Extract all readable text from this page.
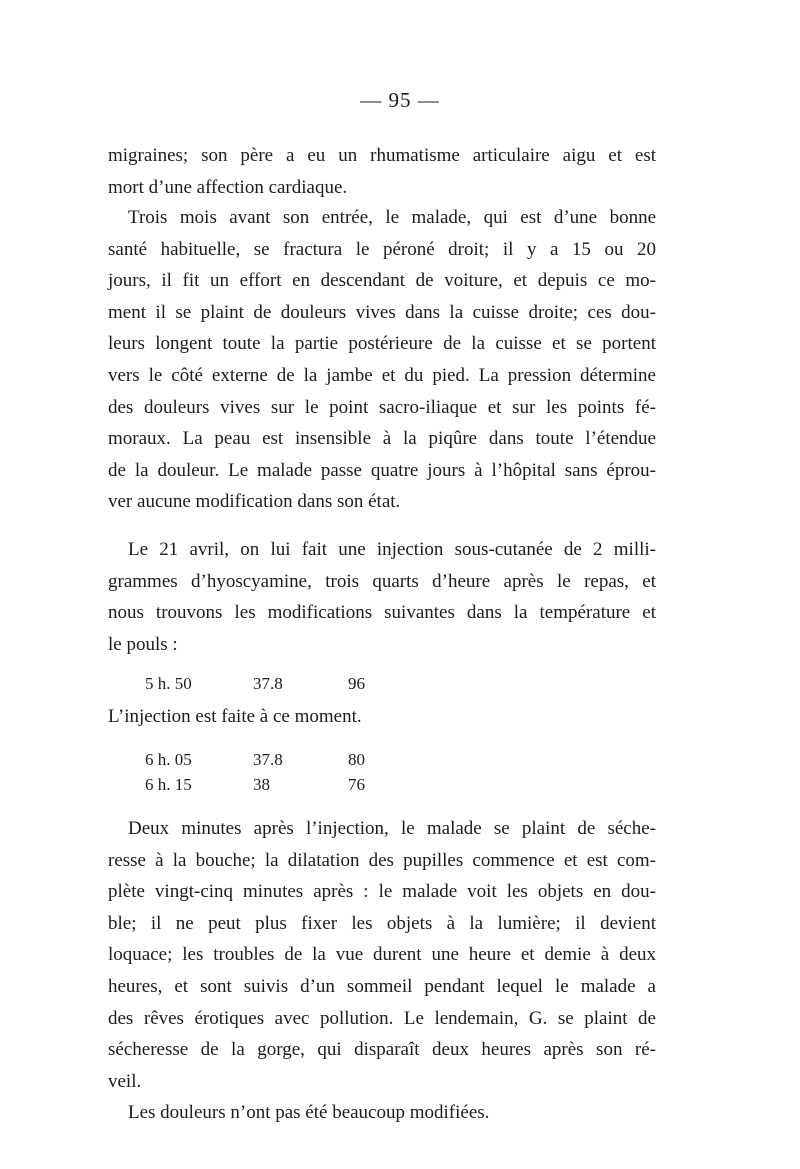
— 95 —
migraines; son père a eu un rhumatisme articulaire aigu et est
mort d’une affection cardiaque.
Trois mois avant son entrée, le malade, qui est d’une bonne
santé habituelle, se fractura le péroné droit; il y a 15 ou 20
jours, il fit un effort en descendant de voiture, et depuis ce mo-
ment il se plaint de douleurs vives dans la cuisse droite; ces dou-
leurs longent toute la partie postérieure de la cuisse et se portent
vers le côté externe de la jambe et du pied. La pression détermine
des douleurs vives sur le point sacro-iliaque et sur les points fé-
moraux. La peau est insensible à la piqûre dans toute l’étendue
de la douleur. Le malade passe quatre jours à l’hôpital sans éprou-
ver aucune modification dans son état.
Le 21 avril, on lui fait une injection sous-cutanée de 2 milli-
grammes d’hyoscyamine, trois quarts d’heure après le repas, et
nous trouvons les modifications suivantes dans la température et
le pouls :
5 h. 50	37.8	96
L’injection est faite à ce moment.
6 h. 05	37.8	80
6 h. 15	38	76
Deux minutes après l’injection, le malade se plaint de séche-
resse à la bouche; la dilatation des pupilles commence et est com-
plète vingt-cinq minutes après : le malade voit les objets en dou-
ble; il ne peut plus fixer les objets à la lumière; il devient
loquace; les troubles de la vue durent une heure et demie à deux
heures, et sont suivis d’un sommeil pendant lequel le malade a
des rêves érotiques avec pollution. Le lendemain, G. se plaint de
sécheresse de la gorge, qui disparaît deux heures après son ré-
veil.
Les douleurs n’ont pas été beaucoup modifiées.
